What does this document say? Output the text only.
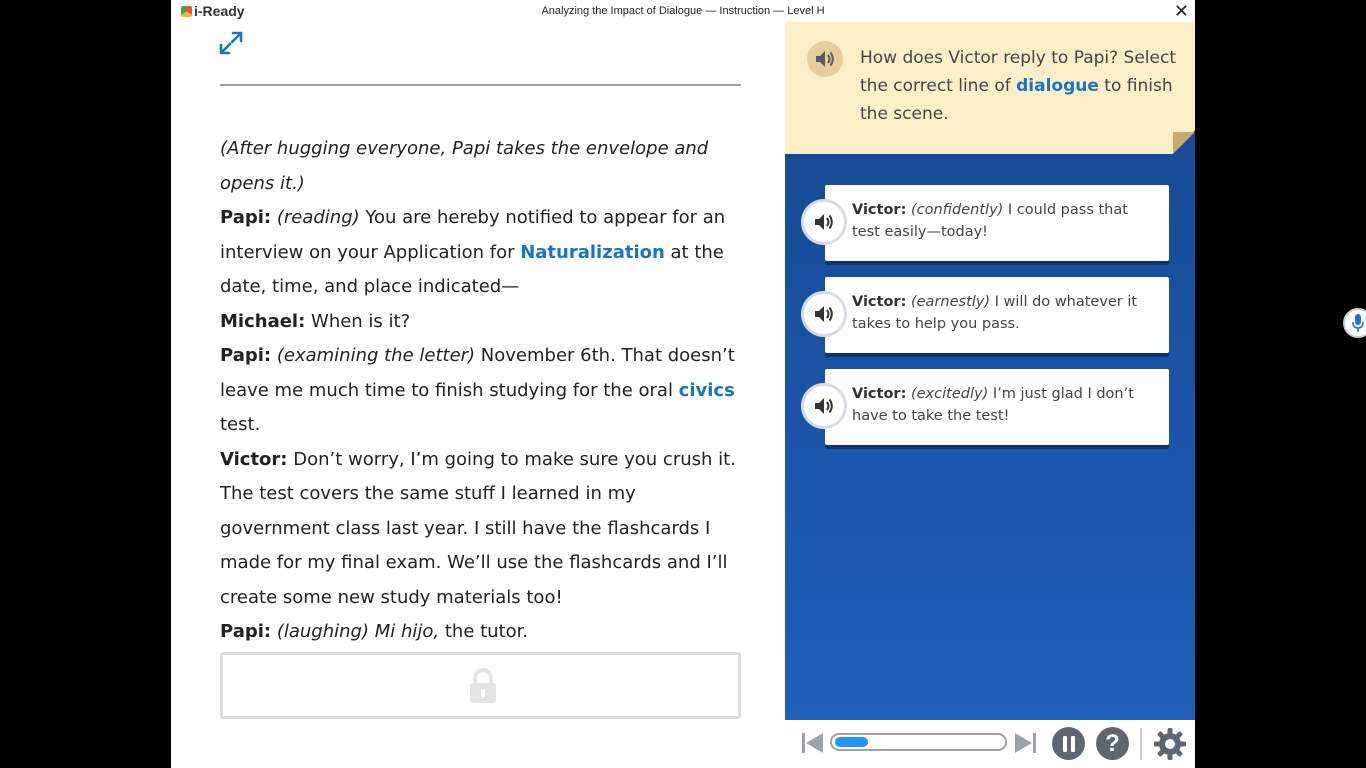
i-Ready	Analyzing the Impact of Dialogue — Instruction — Level H	✕

(After hugging everyone, Papi takes the envelope and opens it.)

Papi: (reading) You are hereby notified to appear for an interview on your Application for Naturalization at the date, time, and place indicated—

Michael: When is it?

Papi: (examining the letter) November 6th. That doesn’t leave me much time to finish studying for the oral civics test.

Victor: Don’t worry, I’m going to make sure you crush it. The test covers the same stuff I learned in my government class last year. I still have the flashcards I made for my final exam. We’ll use the flashcards and I’ll create some new study materials too!

Papi: (laughing) Mi hijo, the tutor.

How does Victor reply to Papi? Select the correct line of dialogue to finish the scene.
Victor: (confidently) I could pass that test easily—today!
Victor: (earnestly) I will do whatever it takes to help you pass.
Victor: (excitedly) I’m just glad I don’t have to take the test!
?
